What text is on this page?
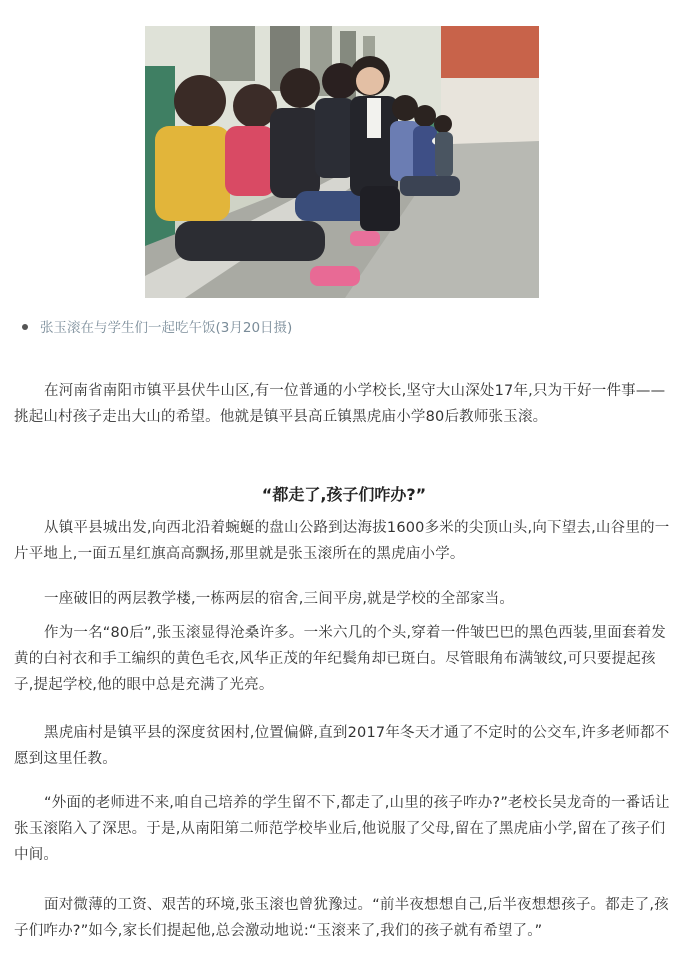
张玉滚在与学生们一起吃午饭(3月20日摄)

在河南省南阳市镇平县伏牛山区,有一位普通的小学校长,坚守大山深处17年,只为干好一件事——挑起山村孩子走出大山的希望。他就是镇平县高丘镇黑虎庙小学80后教师张玉滚。

“都走了,孩子们咋办?”

从镇平县城出发,向西北沿着蜿蜒的盘山公路到达海拔1600多米的尖顶山头,向下望去,山谷里的一片平地上,一面五星红旗高高飘扬,那里就是张玉滚所在的黑虎庙小学。

一座破旧的两层教学楼,一栋两层的宿舍,三间平房,就是学校的全部家当。

作为一名“80后”,张玉滚显得沧桑许多。一米六几的个头,穿着一件皱巴巴的黑色西装,里面套着发黄的白衬衣和手工编织的黄色毛衣,风华正茂的年纪鬓角却已斑白。尽管眼角布满皱纹,可只要提起孩子,提起学校,他的眼中总是充满了光亮。

黑虎庙村是镇平县的深度贫困村,位置偏僻,直到2017年冬天才通了不定时的公交车,许多老师都不愿到这里任教。

“外面的老师进不来,咱自己培养的学生留不下,都走了,山里的孩子咋办?”老校长吴龙奇的一番话让张玉滚陷入了深思。于是,从南阳第二师范学校毕业后,他说服了父母,留在了黑虎庙小学,留在了孩子们中间。

面对微薄的工资、艰苦的环境,张玉滚也曾犹豫过。“前半夜想想自己,后半夜想想孩子。都走了,孩子们咋办?”如今,家长们提起他,总会激动地说:“玉滚来了,我们的孩子就有希望了。”
